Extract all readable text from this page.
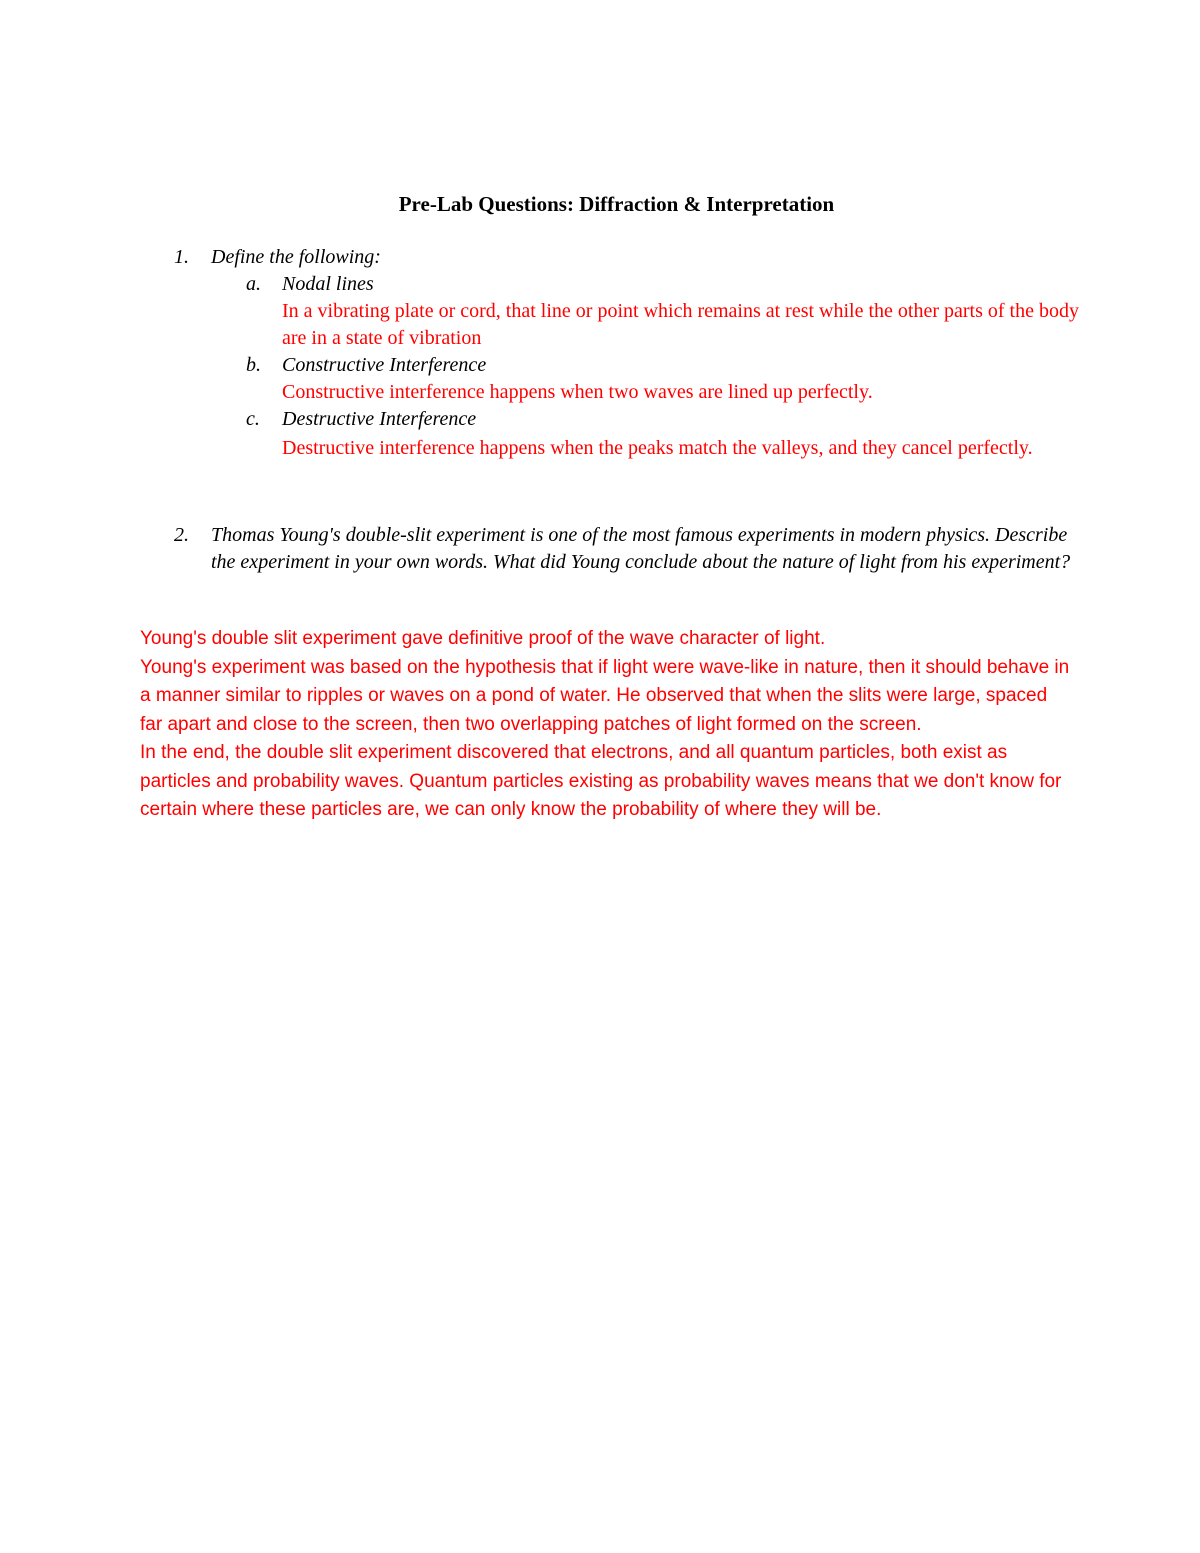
Pre-Lab Questions: Diffraction & Interpretation
1. Define the following:
a. Nodal lines
In a vibrating plate or cord, that line or point which remains at rest while the other parts of the body are in a state of vibration
b. Constructive Interference
Constructive interference happens when two waves are lined up perfectly.
c. Destructive Interference
Destructive interference happens when the peaks match the valleys, and they cancel perfectly.
2. Thomas Young's double-slit experiment is one of the most famous experiments in modern physics. Describe the experiment in your own words. What did Young conclude about the nature of light from his experiment?

Young's double slit experiment gave definitive proof of the wave character of light.

Young's experiment was based on the hypothesis that if light were wave-like in nature, then it should behave in a manner similar to ripples or waves on a pond of water. He observed that when the slits were large, spaced far apart and close to the screen, then two overlapping patches of light formed on the screen.

In the end, the double slit experiment discovered that electrons, and all quantum particles, both exist as particles and probability waves. Quantum particles existing as probability waves means that we don't know for certain where these particles are, we can only know the probability of where they will be.
